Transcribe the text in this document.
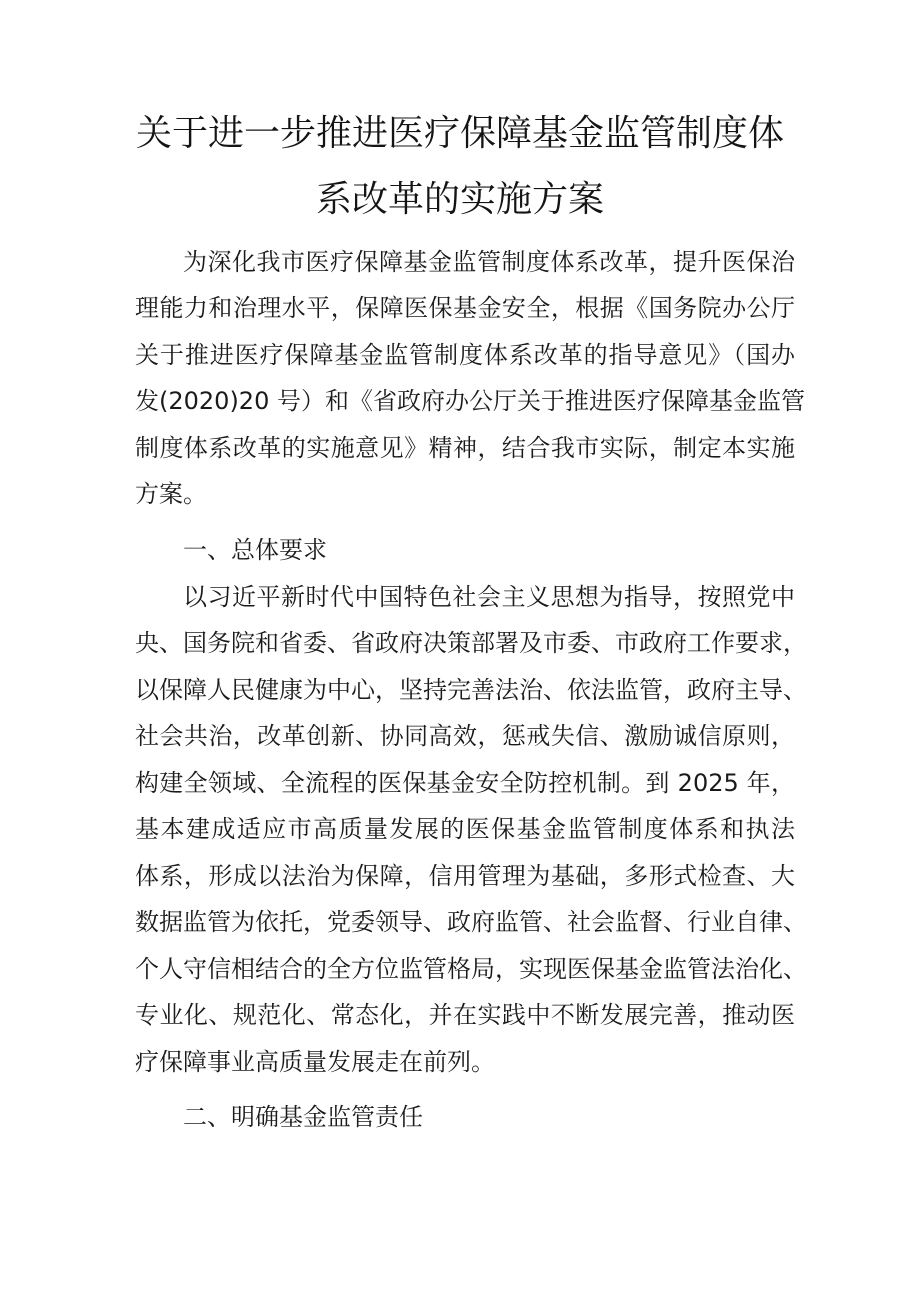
关于进一步推进医疗保障基金监管制度体
系改革的实施方案
为深化我市医疗保障基金监管制度体系改革，提升医保治
理能力和治理水平，保障医保基金安全，根据《国务院办公厅
关于推进医疗保障基金监管制度体系改革的指导意见》（国办
发(2020)20 号）和《省政府办公厅关于推进医疗保障基金监管
制度体系改革的实施意见》精神，结合我市实际，制定本实施
方案。
一、总体要求
以习近平新时代中国特色社会主义思想为指导，按照党中
央、国务院和省委、省政府决策部署及市委、市政府工作要求，
以保障人民健康为中心，坚持完善法治、依法监管，政府主导、
社会共治，改革创新、协同高效，惩戒失信、激励诚信原则，
构建全领域、全流程的医保基金安全防控机制。到 2025 年，
基本建成适应市高质量发展的医保基金监管制度体系和执法
体系，形成以法治为保障，信用管理为基础，多形式检查、大
数据监管为依托，党委领导、政府监管、社会监督、行业自律、
个人守信相结合的全方位监管格局，实现医保基金监管法治化、
专业化、规范化、常态化，并在实践中不断发展完善，推动医
疗保障事业高质量发展走在前列。
二、明确基金监管责任
